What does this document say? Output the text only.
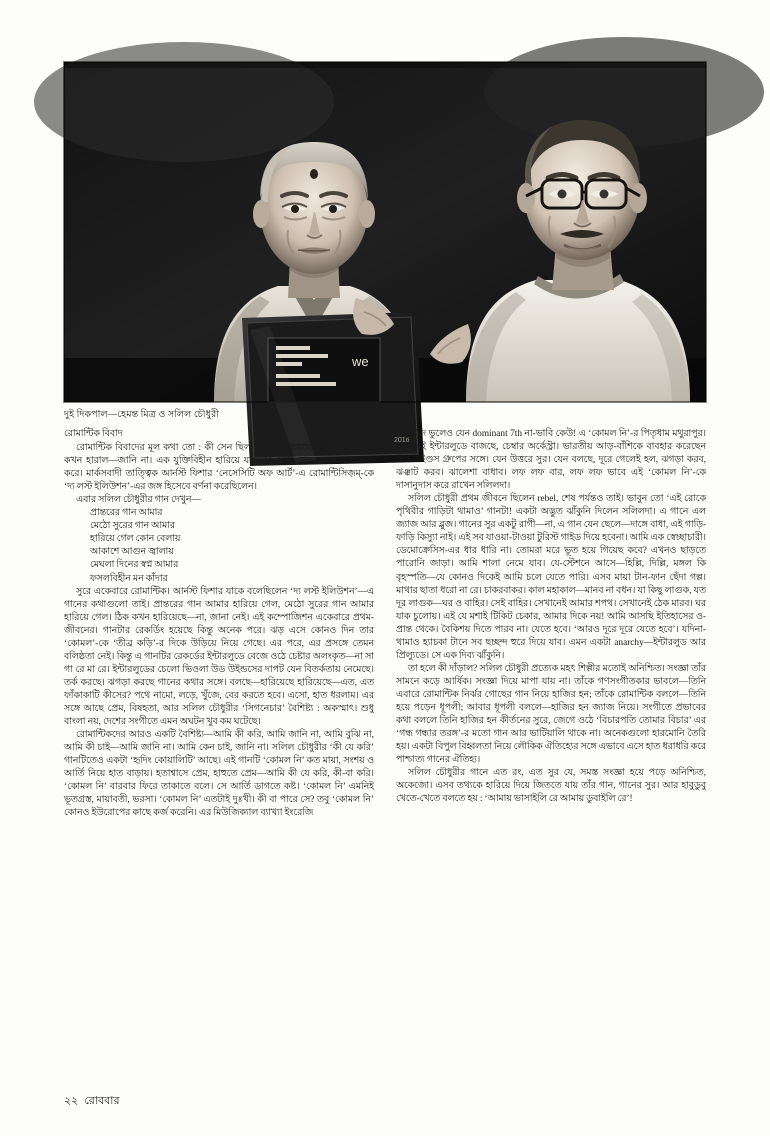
we
2016
দুই দিকপাল—হেমন্ত মিত্র ও সলিল চৌধুরী

রোমান্টিক বিবাদ

রোমান্টিক বিবাদের মূল কথা তো : কী সেন ছিল, হারিয়ে গিয়েছে। কীভাবে হারাল/কখন হারাল—জানি না। এক যুক্তিবিহীন হারিয়ে যাওয়ার বোধ ভেতরে-ভেতরে কাজ করে। মার্কসবাদী তাত্ত্বিক আর্নস্ট ফিশার ‘নেসেসিটি অফ আর্ট’-এ রোমান্টিসিজ়ম্‌-কে ‘দ্য লস্ট ইলিউশন’-এর জঙ্গ হিসেবে বর্ণনা করেছিলেন।

এবার সলিল চৌধুরীর গান দেখুন—

প্রান্তরের গান আমার
মেঠো সুরের গান আমার
হারিয়ে গেল কোন বেলায়
আকাশে আগুন জ্বালায়
মেঘলা দিনের স্বপ্ন আমার
ফসলবিহীন মন কাঁদার

সুরে একেবারে রোমান্টিক। আর্নস্ট ফিশার যাকে বলেছিলেন ‘দ্য লস্ট ইলিউশন’—এ গানের কথাগুলো তাই। প্রান্তরের গান আমার হারিয়ে গেল, মেঠো সুরের গান আমার হারিয়ে গেল। ঠিক কখন হারিয়েছে—না, জানা নেই। এই কম্পোজিশন একেবারে প্রথম-জীবনের। গানটার রেকর্ডিং হয়েছে কিন্তু অনেক পরে। ঝড় এসে কোনও দিন তার ‘কোমল’-কে ‘তীব্র কড়ি’-র দিকে উড়িয়ে নিয়ে গেছে। এর পরে, এর প্রসঙ্গে তেমন বলিষ্ঠতা নেই। কিন্তু এ গানটির রেকর্ডের ইন্টারলুডে বেজে ওঠে চেষ্টার অলংকৃত—না সা গা রে মা রে। ইন্টারলুডের চেলো ভিওলা উড উইন্ডসের দাপট যেন বিতর্কতায় নেমেছে। তর্ক করছে। ঝগড়া করছে গানের কথার সঙ্গে। বলছে—হারিয়েছে হারিয়েছে—এত, এত ফাঁকাকাটি কীসের? পথে নামো, লড়ে, খুঁজে, বের করতে হবে। এসো, হাত ধরলাম। এর সঙ্গে আছে প্রেম, বিষহতা, আর সলিল চৌধুরীর ‘সিগনেচার’ বৈশিষ্ট্য : অকস্মাৎ। শুধু বাংলা নয়, দেশের সংগীতে এমন অঘটন খুব কম ঘটেছে।

রোমান্টিকদের আরও একটি বৈশিষ্ট্য—আমি কী করি, আমি জানি না, আমি বুঝি না, আমি কী চাই—আমি জানি না। আমি কেন চাই, জানি না। সলিল চৌধুরীর ‘কী যে করি’ গানটিতেও একটা ‘হৃদিং কোয়ালিটি’ আছে। এই গানটি ‘কোমল নি’ কত মায়া, সংশয় ও আর্তি নিয়ে হাত বাড়ায়। হতাশ্বাসে প্রেম, হাহুতে প্রেম—আমি কী যে করি, কী-বা করি। ‘কোমল নি’ বারবার ফিরে তাকাতে বলে। সে আর্তি ডাগতে কষ্ট। ‘কোমল নি’ এমনিই ভূতগ্রস্ত, মায়াবতী, ভরসা। ‘কোমল নি’ এতটাই দুঃখী। কী বা পারে সে? তবু ‘কোমল নি’ কোনও ইউরোপের কাছে কর্জ করেনি। এর মিউজিক্যাল ব্যাখ্যা ইংরেজি

অনুবাদে ভুলেও যেন dominant 7th না-ভাবি কেউ! এ ‘কোমল নি’-র পিতৃধাম মথুরাপুর। এখানেই ইন্টারলুডে বাজছে, চেম্বার অর্কেস্ট্রা। ভারতীয় আড়-বাঁশিকে বাবহার করেছেন উড উইণ্ডস গ্রুপের সঙ্গে। যেন উত্তরে সুর। যেন বলছে, দূরে গেলেই হল, ঝগড়া করব, ঝঞ্ঝাট করব। ঝালেশা বাধাব। লফ লফ বার, লফ লফ ভাবে এই ‘কোমল নি’-কে দাসানুদাস করে রাখেন সলিলদা।

সলিল চৌধুরী প্রথম জীবনে ছিলেন rebel, শেষ পর্যন্তও তাই। ভাবুন তো ‘এই রোকে পৃথিবীর গাড়িটা থামাও’ গানটা! একটা অদ্ভুত ঝাঁকুনি দিলেন সলিলদা। এ গানে এল জ্যাজ আর ব্লুজ। গানের সুর একটু রাগী—না, এ গান যেন ছেলে—দাঙ্গে বাধা, এই গাড়ি-ফাড়ি কিস্যুা নাই। এই সব যাওয়া-টাওয়া টুরিস্ট গাইড দিয়ে হবেনা। আমি এক স্বেচ্ছাচারী। ডেমোক্রেসিস-এর ধার ধারি না। তোমরা মরে ভূত হয়ে গিয়েছ কবে? এখনও ছাড়তে পারোনি জাড়া। আমি শালা নেমে যাব। যে-স্টেশনে আসে—হিল্লি, দিল্লি, মঙ্গল কি বৃহস্পতি—যে কোনও দিকেই আমি চলে যেতে পারি। এসব মায়া টান-ফান ছেঁদা গল্প। মাথার ছাতা ধরো না রে। চাকরবাকর। কাল মহাকাল—মানব না বধন। যা কিছু লাগুক, যত দূর লাগুক—ঘর ও বাহির। সেই বাহির। সেখানেই আমার শপথ। সেখানেই ঠেক মারব। ঘর যাক চুলোয়। এই যে মশাই টিকিট চেকার, আমার দিকে নয়! আমি আসছি ইতিহাসের ও-প্রান্ত থেকে। বৈকিশয় দিতে পারব না। যেতে হবে। ‘আরও দূরে দূরে যেতে হবে’। যদিনা-থামাও হ্যাচকা টানে সব ছচ্ছন্দ হুরে দিয়ে যাব। এমন একটা anarchy—ইন্টারলুড আর প্রিল্যুডে। সে এক দিব্য ঝাঁকুনি।

তা হলে কী দাঁড়াল? সলিল চৌধুরী প্রত্যেক মহৎ শিল্পীর মতোই অনিশ্চিত। সংজ্ঞা তাঁর সামনে কড়ে আর্ষিক। সংজ্ঞা দিয়ে মাপা যায় না। তাঁকে গণসংগীতকার ভাবলে—তিনি এবারে রোমান্টিক নির্ঝর গোছের গান নিয়ে হাজির হন; তাঁকে রোমান্টিক বললে—তিনি হয়ে পড়েন ধূপলী; আবার ধূপলী বললে—হাজির হন জ্যাজ নিয়ে। সংগীতে প্রভাবের কথা বললে তিনি হাজির হন কীর্তনের সুরে, জেগে ওঠে ‘বিচারপতি তোমার বিচার’ এর ‘গন্ধ গন্ধার তরঙ্গ’-র মতো গান আর ভাটিয়ালি থাকে না। অনেকগুলো হারমোনি তৈরি হয়। একটা বিপুল বিহ্বলতা নিয়ে লৌকিক ঐতিহ্যের সঙ্গে এভাবে এসে হাত ধরাধরি করে পাশ্চাত্য গানের ঐতিহ্য।

সলিল চৌধুরীর গানে এত রং, এত সুর যে, সমস্ত সংজ্ঞা হয়ে পড়ে অনিশ্চিত, অকেজো। এসব তথ্যকে হারিয়ে দিয়ে জিততে যায় তাঁর গান, গানের সুর। আর হাবুডুবু খেতে-খেতে বলতে হয় : ‘আমায় ভাসাইলি রে আমায় ডুবাইলি রে’!

২২ রোববার
